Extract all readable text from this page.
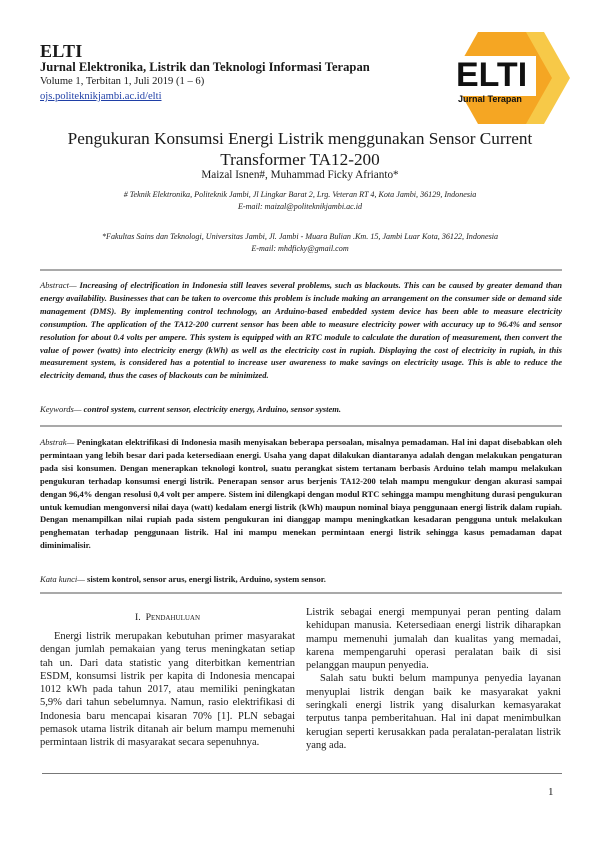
ELTI
Jurnal Elektronika, Listrik dan Teknologi Informasi Terapan
Volume 1, Terbitan 1, Juli 2019 (1 – 6)
ojs.politeknikjambi.ac.id/elti
ELTI
Jurnal Terapan
Pengukuran Konsumsi Energi Listrik menggunakan Sensor Current
Transformer TA12-200
Maizal Isnen#, Muhammad Ficky Afrianto*
# Teknik Elektronika, Politeknik Jambi, Jl Lingkar Barat 2, Lrg. Veteran RT 4, Kota Jambi, 36129, Indonesia
E-mail: maizal@politeknikjambi.ac.id
*Fakultas Sains dan Teknologi, Universitas Jambi, Jl. Jambi - Muara Bulian .Km. 15, Jambi Luar Kota, 36122, Indonesia
E-mail: mhdficky@gmail.com
Abstract— Increasing of electrification in Indonesia still leaves several problems, such as blackouts. This can be caused by greater demand than energy availability. Businesses that can be taken to overcome this problem is include making an arrangement on the consumer side or demand side management (DMS). By implementing control technology, an Arduino-based embedded system device has been able to measure electricity consumption. The application of the TA12-200 current sensor has been able to measure electricity power with accuracy up to 96.4% and sensor resolution for about 0.4 volts per ampere. This system is equipped with an RTC module to calculate the duration of measurement, then convert the value of power (watts) into electricity energy (kWh) as well as the electricity cost in rupiah. Displaying the cost of electricity in rupiah, in this measurement system, is considered has a potential to increase user awareness to make savings on electricity usage. This is able to reduce the electricity demand, thus the cases of blackouts can be minimized.
Keywords— control system, current sensor, electricity energy, Arduino, sensor system.
Abstrak— Peningkatan elektrifikasi di Indonesia masih menyisakan beberapa persoalan, misalnya pemadaman. Hal ini dapat disebabkan oleh permintaan yang lebih besar dari pada ketersediaan energi. Usaha yang dapat dilakukan diantaranya adalah dengan melakukan pengaturan pada sisi konsumen. Dengan menerapkan teknologi kontrol, suatu perangkat sistem tertanam berbasis Arduino telah mampu melakukan pengukuran terhadap konsumsi energi listrik. Penerapan sensor arus berjenis TA12-200 telah mampu mengukur dengan akurasi sampai dengan 96,4% dengan resolusi 0,4 volt per ampere. Sistem ini dilengkapi dengan modul RTC sehingga mampu menghitung durasi pengukuran untuk kemudian mengonversi nilai daya (watt) kedalam energi listrik (kWh) maupun nominal biaya penggunaan energi listrik dalam rupiah. Dengan menampilkan nilai rupiah pada sistem pengukuran ini dianggap mampu meningkatkan kesadaran pengguna untuk melakukan penghematan terhadap penggunaan listrik. Hal ini mampu menekan permintaan energi listrik sehingga kasus pemadaman dapat diminimalisir.
Kata kunci— sistem kontrol, sensor arus, energi listrik, Arduino, system sensor.
I. Pendahuluan

Energi listrik merupakan kebutuhan primer masyarakat dengan jumlah pemakaian yang terus meningkatan setiap tah un. Dari data statistic yang diterbitkan kementrian ESDM, konsumsi listrik per kapita di Indonesia mencapai 1012 kWh pada tahun 2017, atau memiliki peningkatan 5,9% dari tahun sebelumnya. Namun, rasio elektrifikasi di Indonesia baru mencapai kisaran 70% [1]. PLN sebagai pemasok utama listrik ditanah air belum mampu memenuhi permintaan listrik di masyarakat secara sepenuhnya.

Listrik sebagai energi mempunyai peran penting dalam kehidupan manusia. Ketersediaan energi listrik diharapkan mampu memenuhi jumalah dan kualitas yang memadai, karena mempengaruhi operasi peralatan baik di sisi pelanggan maupun penyedia.

Salah satu bukti belum mampunya penyedia layanan menyuplai listrik dengan baik ke masyarakat yakni seringkali energi listrik yang disalurkan kemasyarakat terputus tanpa pemberitahuan. Hal ini dapat menimbulkan kerugian seperti kerusakkan pada peralatan-peralatan listrik yang ada.

1
